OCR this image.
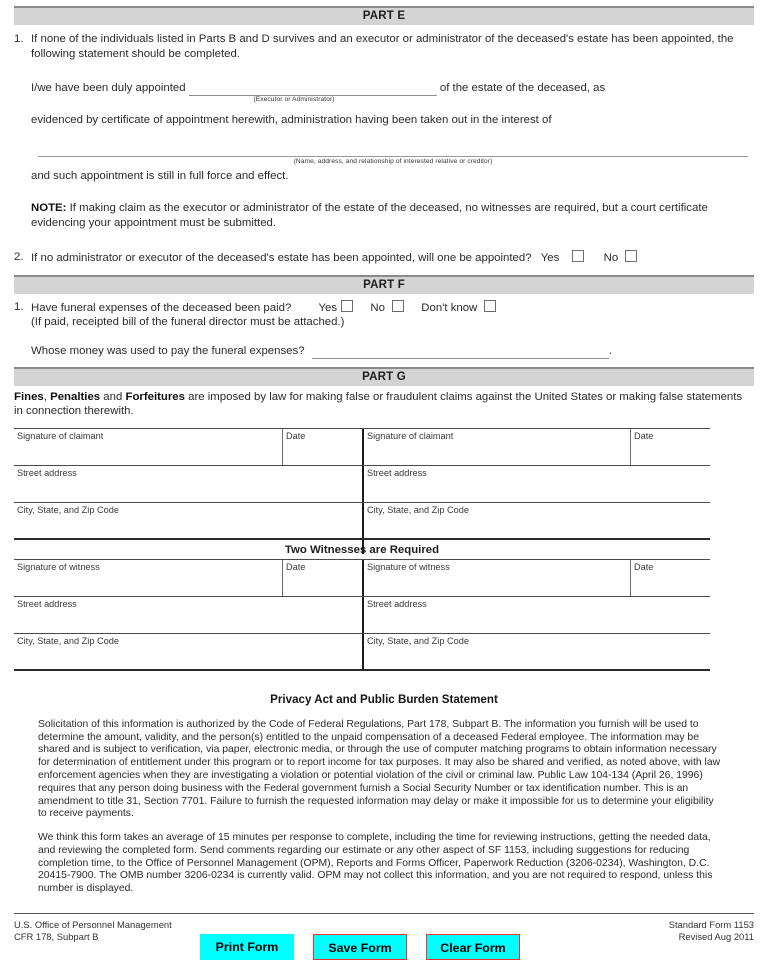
PART E
1. If none of the individuals listed in Parts B and D survives and an executor or administrator of the deceased's estate has been appointed, the following statement should be completed.
I/we have been duly appointed	of the estate of the deceased, as
(Executor or Administrator)
evidenced by certificate of appointment herewith, administration having been taken out in the interest of
(Name, address, and relationship of interested relative or creditor)
and such appointment is still in full force and effect.
NOTE: If making claim as the executor or administrator of the estate of the deceased, no witnesses are required, but a court certificate evidencing your appointment must be submitted.
2. If no administrator or executor of the deceased's estate has been appointed, will one be appointed? Yes	No
PART F
1. Have funeral expenses of the deceased been paid? Yes	No	Don't know
(If paid, receipted bill of the funeral director must be attached.)
Whose money was used to pay the funeral expenses?	.
PART G
Fines, Penalties and Forfeitures are imposed by law for making false or fraudulent claims against the United States or making false statements in connection therewith.
Signature of claimant	Date	Signature of claimant	Date
Street address	Street address
City, State, and Zip Code	City, State, and Zip Code
Two Witnesses are Required
Signature of witness	Date	Signature of witness	Date
Street address	Street address
City, State, and Zip Code	City, State, and Zip Code
Privacy Act and Public Burden Statement
Solicitation of this information is authorized by the Code of Federal Regulations, Part 178, Subpart B. The information you furnish will be used to determine the amount, validity, and the person(s) entitled to the unpaid compensation of a deceased Federal employee. The information may be shared and is subject to verification, via paper, electronic media, or through the use of computer matching programs to obtain information necessary for determination of entitlement under this program or to report income for tax purposes. It may also be shared and verified, as noted above, with law enforcement agencies when they are investigating a violation or potential violation of the civil or criminal law. Public Law 104-134 (April 26, 1996) requires that any person doing business with the Federal government furnish a Social Security Number or tax identification number. This is an amendment to title 31, Section 7701. Failure to furnish the requested information may delay or make it impossible for us to determine your eligibility to receive payments.
We think this form takes an average of 15 minutes per response to complete, including the time for reviewing instructions, getting the needed data, and reviewing the completed form. Send comments regarding our estimate or any other aspect of SF 1153, including suggestions for reducing completion time, to the Office of Personnel Management (OPM), Reports and Forms Officer, Paperwork Reduction (3206-0234), Washington, D.C. 20415-7900. The OMB number 3206-0234 is currently valid. OPM may not collect this information, and you are not required to respond, unless this number is displayed.
U.S. Office of Personnel Management
CFR 178, Subpart B
Print Form	Save Form	Clear Form
Standard Form 1153
Revised Aug 2011
